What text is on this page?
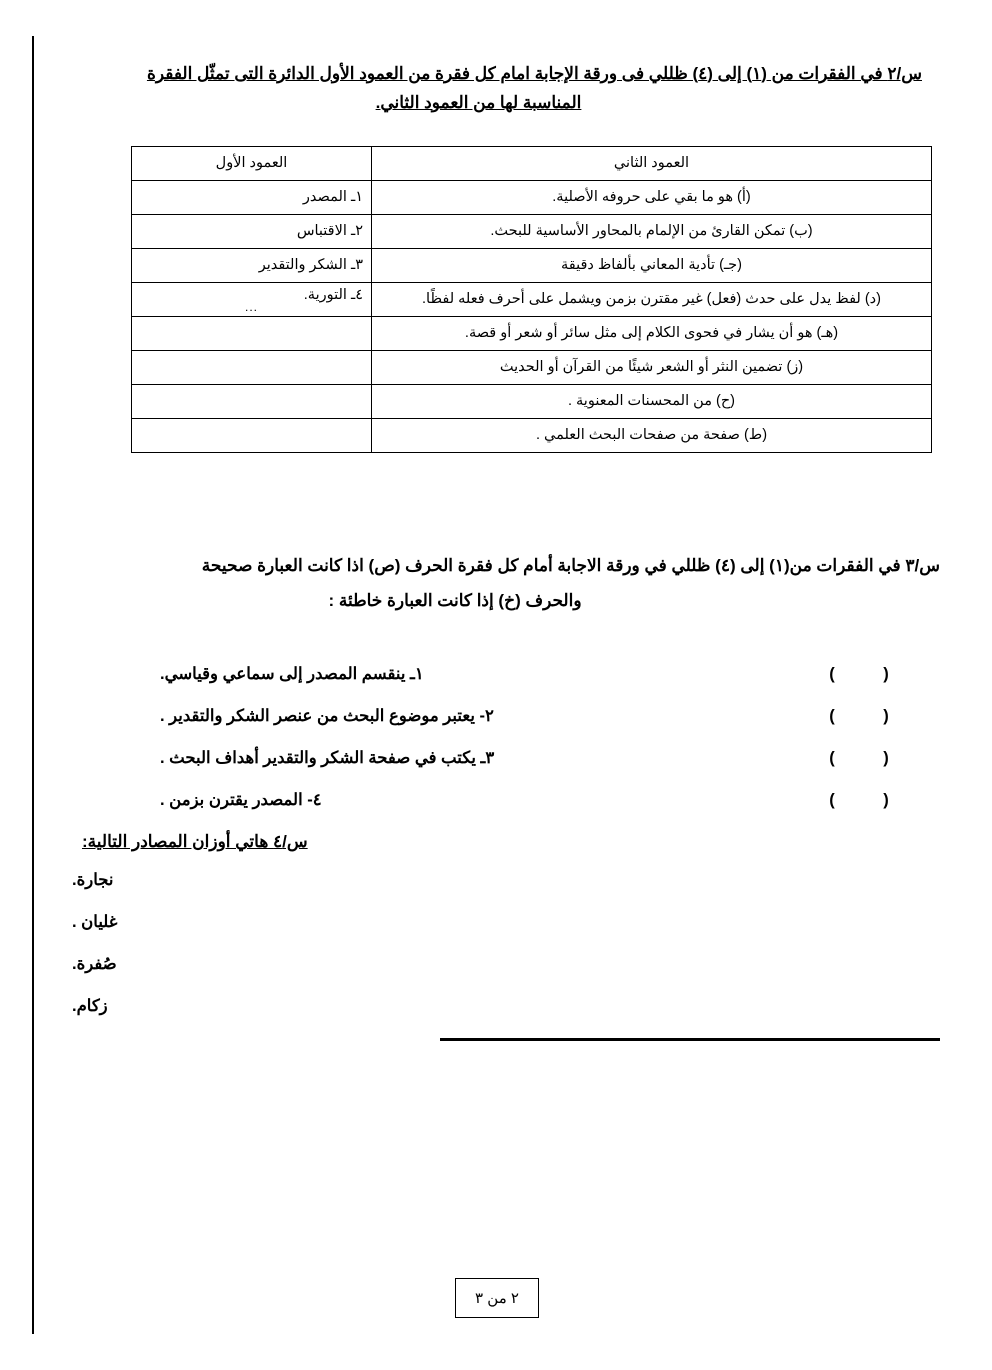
س/٢ في الفقرات من (١) إلى (٤) ظللي فى ورقة الإجابة امام كل فقرة من العمود الأول الدائرة التى تمثّل الفقرة
المناسبة لها من العمود الثاني.
العمود الثاني	العمود الأول
(أ) هو ما بقي على حروفه الأصلية.	١ـ المصدر
(ب) تمكن القارئ من الإلمام بالمحاور الأساسية للبحث.	٢ـ الاقتباس
(جـ) تأدية المعاني بألفاظ دقيقة	٣ـ الشكر والتقدير
(د) لفظ يدل على حدث (فعل) غير مقترن بزمن ويشمل على أحرف فعله لفظًا.	٤ـ التورية.
...

(هـ) هو أن يشار في فحوى الكلام إلى مثل سائر أو شعر أو قصة.	
(ز) تضمين النثر أو الشعر شيئًا من القرآن أو الحديث	
(ح) من المحسنات المعنوية .	
(ط) صفحة من صفحات البحث العلمي .	
س/٣ في الفقرات من(١) إلى (٤) ظللي في ورقة الاجابة أمام كل فقرة الحرف (ص) اذا كانت العبارة صحيحة
والحرف (خ) إذا كانت العبارة خاطئة :
( )
١ـ ينقسم المصدر إلى سماعي وقياسي.
( )
٢- يعتبر موضوع البحث من عنصر الشكر والتقدير .
( )
٣ـ يكتب في صفحة الشكر والتقدير أهداف البحث .
( )
٤- المصدر يقترن بزمن .
س/٤ هاتي أوزان المصادر التالية:
نجارة.
غليان .
صُفرة.
زكام.
٢ من ٣
